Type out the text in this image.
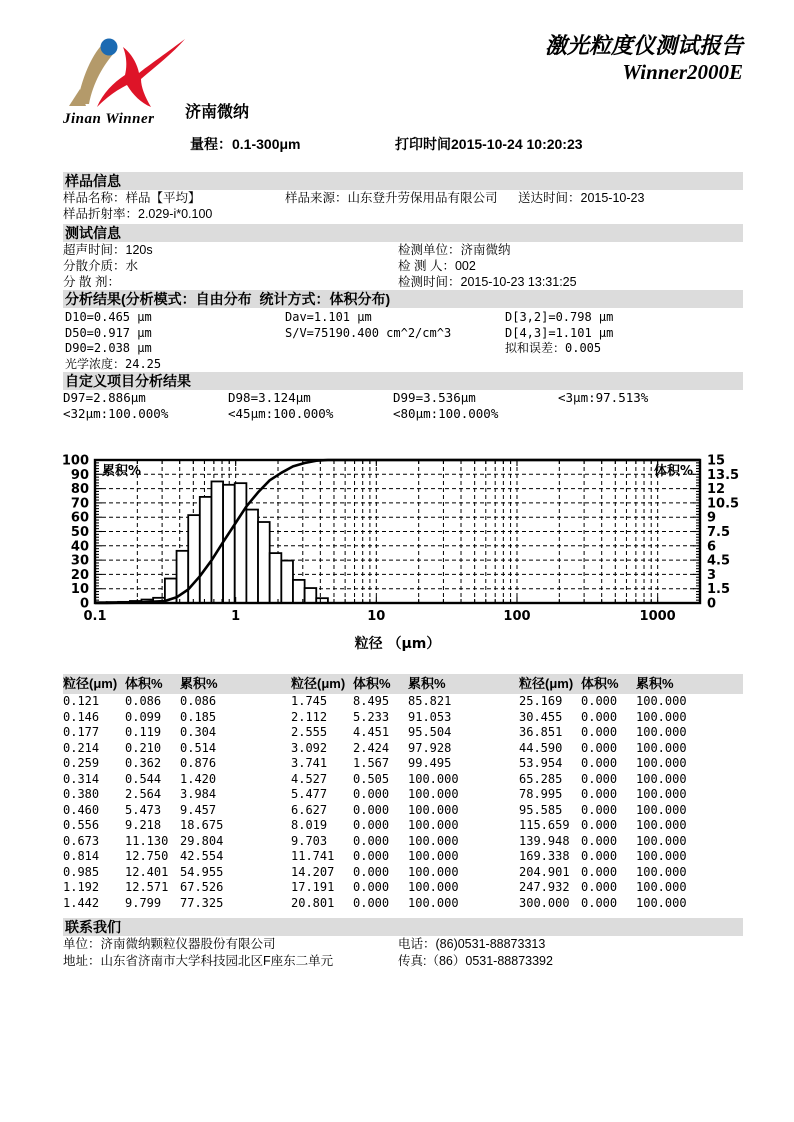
Jinan Winner	济南微纳
激光粒度仪测试报告
Winner2000E
量程：0.1-300μm	打印时间2015-10-24 10:20:23
样品信息
样品名称：样品【平均】	样品来源：山东登升劳保用品有限公司	送达时间：2015-10-23
样品折射率：2.029-i*0.100
测试信息
超声时间：120s	检测单位：济南微纳
分散介质：水	检 测 人：002
分 散 剂：	检测时间：2015-10-23 13:31:25
分析结果(分析模式：自由分布  统计方式：体积分布)
D10=0.465 μm
D50=0.917 μm
D90=2.038 μm
光学浓度：24.25
Dav=1.101 μm
S/V=75190.400 cm^2/cm^3
D[3,2]=0.798 μm
D[4,3]=1.101 μm
拟和误差：0.005
自定义项目分析结果
D97=2.886μm	D98=3.124μm	D99=3.536μm	<3μm:97.513%
<32μm:100.000%	<45μm:100.000%	<80μm:100.000%
0
10
20
30
40
50
60
70
80
90
100
0
1.5
3
4.5
6
7.5
9
10.5
12
13.5
15
0.1	1	10	100	1000
累积%	体积%
粒径 （μm）
粒径(μm) 体积%	累积%	粒径(μm) 体积%	累积%	粒径(μm) 体积%	累积%
0.121	0.086	0.086	1.745	8.495	85.821	25.169	0.000	100.000
0.146	0.099	0.185	2.112	5.233	91.053	30.455	0.000	100.000
0.177	0.119	0.304	2.555	4.451	95.504	36.851	0.000	100.000
0.214	0.210	0.514	3.092	2.424	97.928	44.590	0.000	100.000
0.259	0.362	0.876	3.741	1.567	99.495	53.954	0.000	100.000
0.314	0.544	1.420	4.527	0.505	100.000	65.285	0.000	100.000
0.380	2.564	3.984	5.477	0.000	100.000	78.995	0.000	100.000
0.460	5.473	9.457	6.627	0.000	100.000	95.585	0.000	100.000
0.556	9.218	18.675	8.019	0.000	100.000	115.659 0.000	100.000
0.673	11.130 29.804	9.703	0.000	100.000	139.948 0.000	100.000
0.814	12.750 42.554	11.741	0.000	100.000	169.338 0.000	100.000
0.985	12.401 54.955	14.207	0.000	100.000	204.901 0.000	100.000
1.192	12.571 67.526	17.191	0.000	100.000	247.932 0.000	100.000
1.442	9.799	77.325	20.801	0.000	100.000	300.000 0.000	100.000
联系我们
单位：济南微纳颗粒仪器股份有限公司	电话：(86)0531-88873313
地址：山东省济南市大学科技园北区F座东二单元	传真:（86）0531-88873392
